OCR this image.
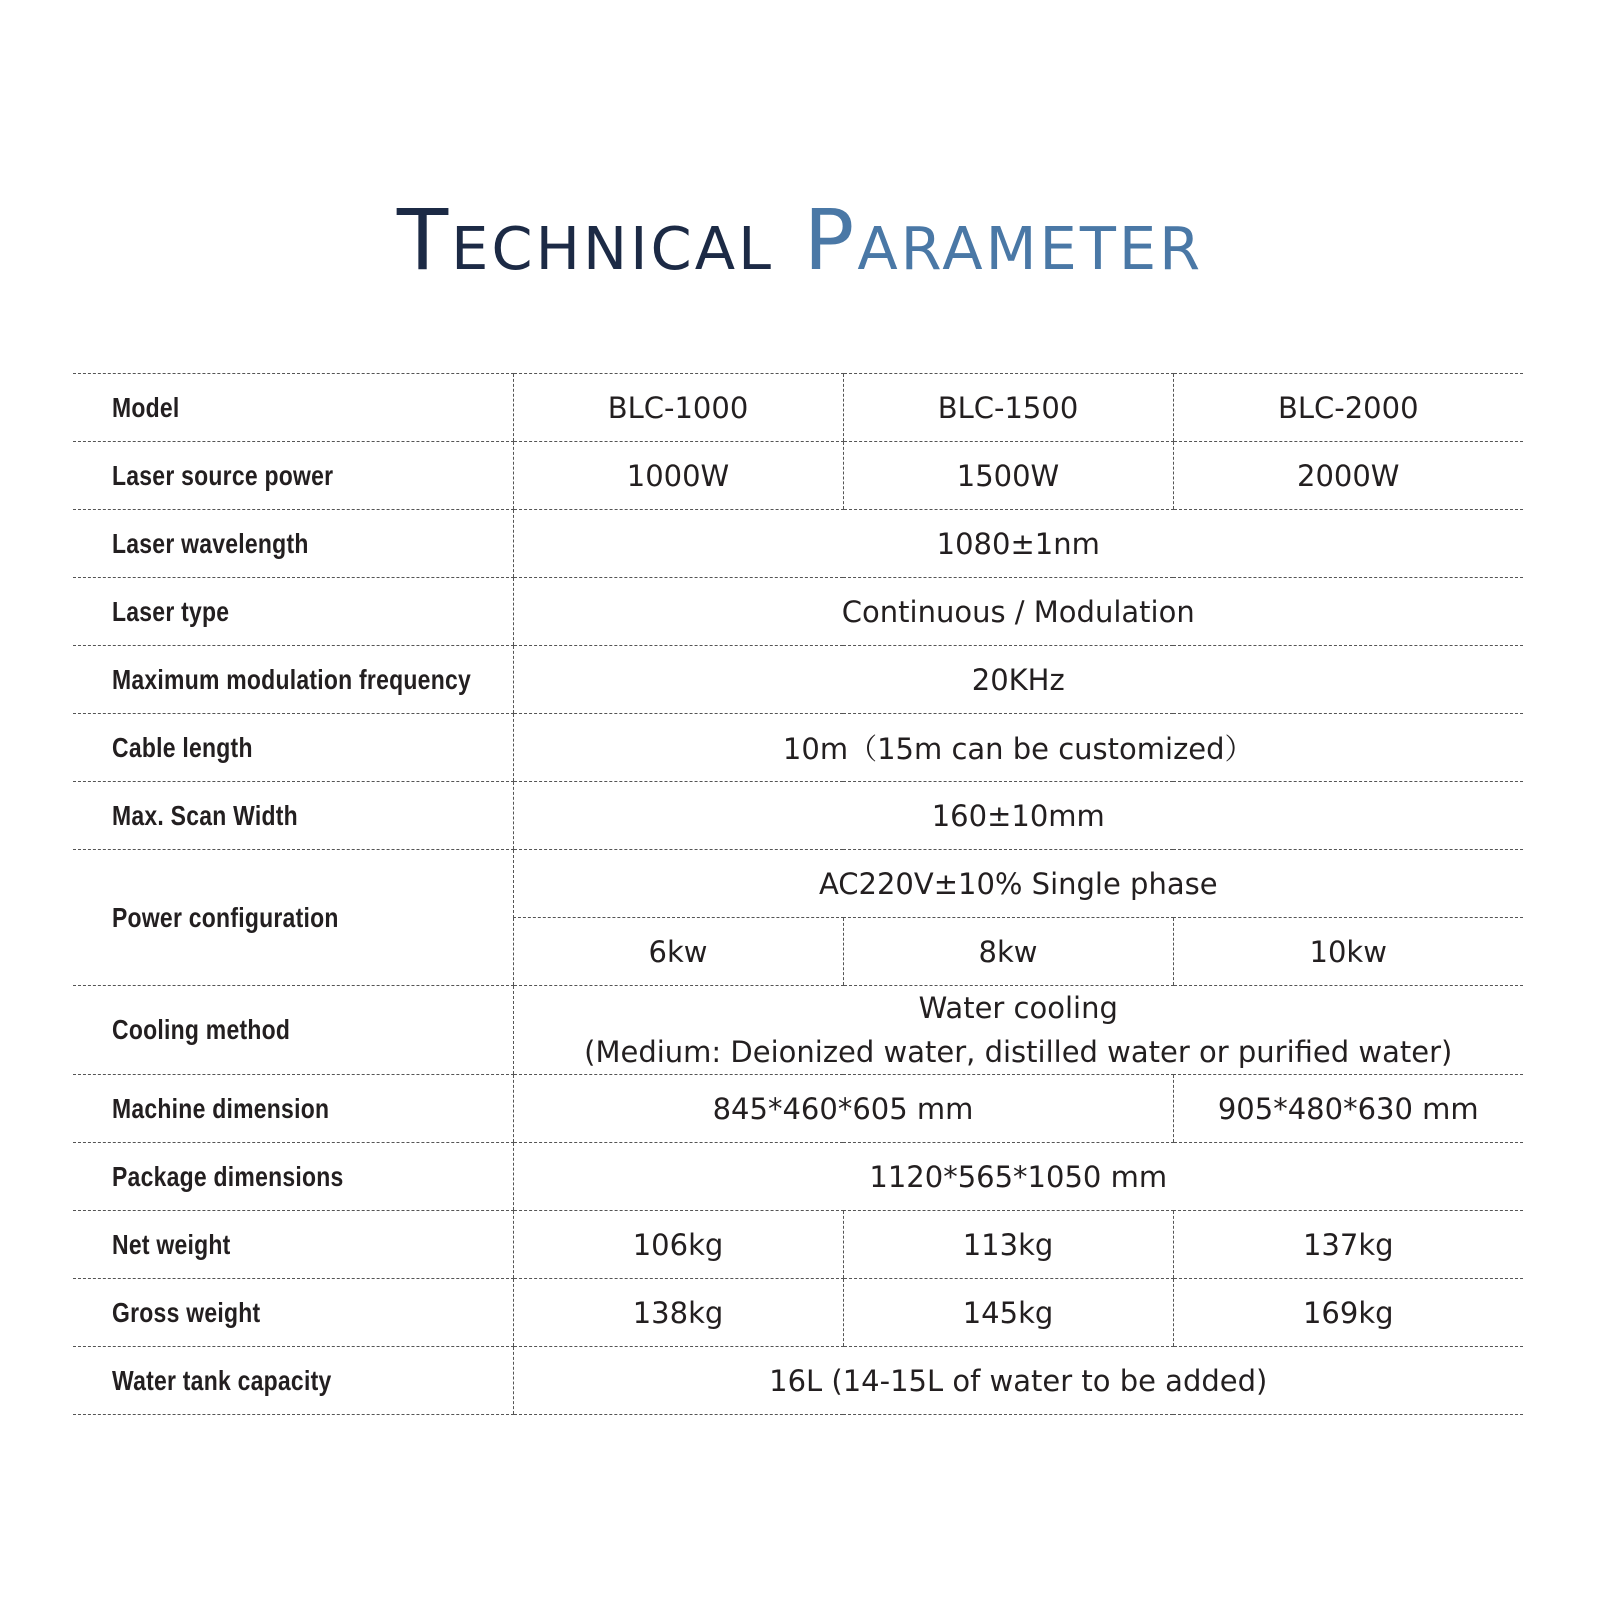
Technical Parameter
Model	BLC-1000	BLC-1500	BLC-2000
Laser source power	1000W	1500W	2000W
Laser wavelength	1080±1nm		
Laser type	Continuous / Modulation		
Maximum modulation frequency	20KHz		
Cable length	10m（15m can be customized）		
Max. Scan Width	160±10mm		
Power configuration	AC220V±10% Single phase		
	6kw	8kw	10kw
Cooling method	Water cooling
(Medium: Deionized water, distilled water or purified water)		

Machine dimension	845*460*605 mm		905*480*630 mm
Package dimensions	1120*565*1050 mm		
Net weight	106kg	113kg	137kg
Gross weight	138kg	145kg	169kg
Water tank capacity	16L (14-15L of water to be added)		
